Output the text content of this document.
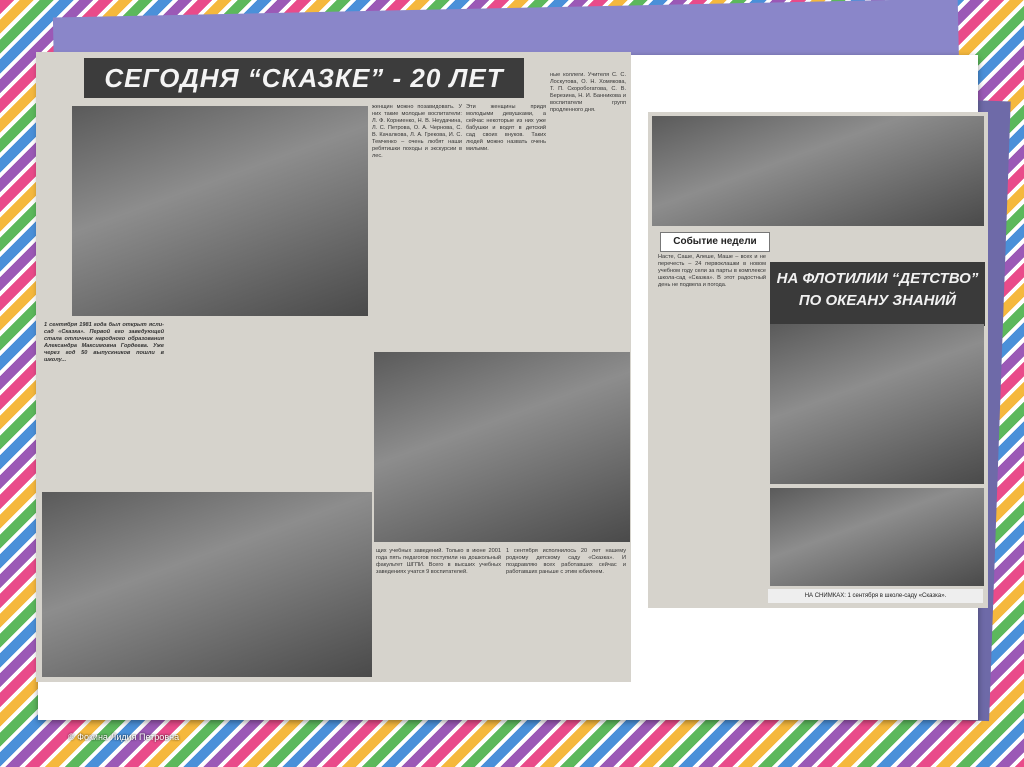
СЕГОДНЯ “СКАЗКЕ” - 20 ЛЕТ
женщин можно позавидовать. У них такие молодые воспитатели: Л. Ф. Корниенко, Н. В. Неудачина, Л. С. Петрова, О. А. Чернова, С. В. Качалкова, Л. А. Грекова, И. С. Темченко – очень любят наши ребятишки походы и экскурсии в лес.
Эти женщины придя молодыми девушками, а сейчас некоторые из них уже бабушки и водят в детский сад своих внуков. Таких людей можно назвать очень милыми.
ные коллеги. Учителя С. С. Лоскутова, О. Н. Хомякова, Т. П. Скоробогатова, С. В. Березина, Н. И. Банникова и воспитатели групп продленного дня.
1 сентября 1981 года был открыт ясли-сад «Сказка». Первой его заведующей стала отличник народного образования Александра Максимовна Гордеева. Уже через год 50 выпускников пошли в школу...
щих учебных заведений. Только в июне 2001 года пять педагогов поступили на дошкольный факультет ШГПИ. Всего в высших учебных заведениях учатся 9 воспитателей.
1 сентября исполнилось 20 лет нашему родному детскому саду «Сказка». И поздравляю всех работавших сейчас и работавших раньше с этим юбилеем.
Событие недели
НА ФЛОТИЛИИ “ДЕТСТВО” ПО ОКЕАНУ ЗНАНИЙ
Насте, Саше, Алеше, Маше – всех и не перечесть – 24 первоклашки в новом учебном году сели за парты в комплексе школа-сад «Сказка». В этот радостный день не подвела и погода.
НА СНИМКАХ: 1 сентября в школе-саду «Сказка».
© Фокина Лидия Петровна
